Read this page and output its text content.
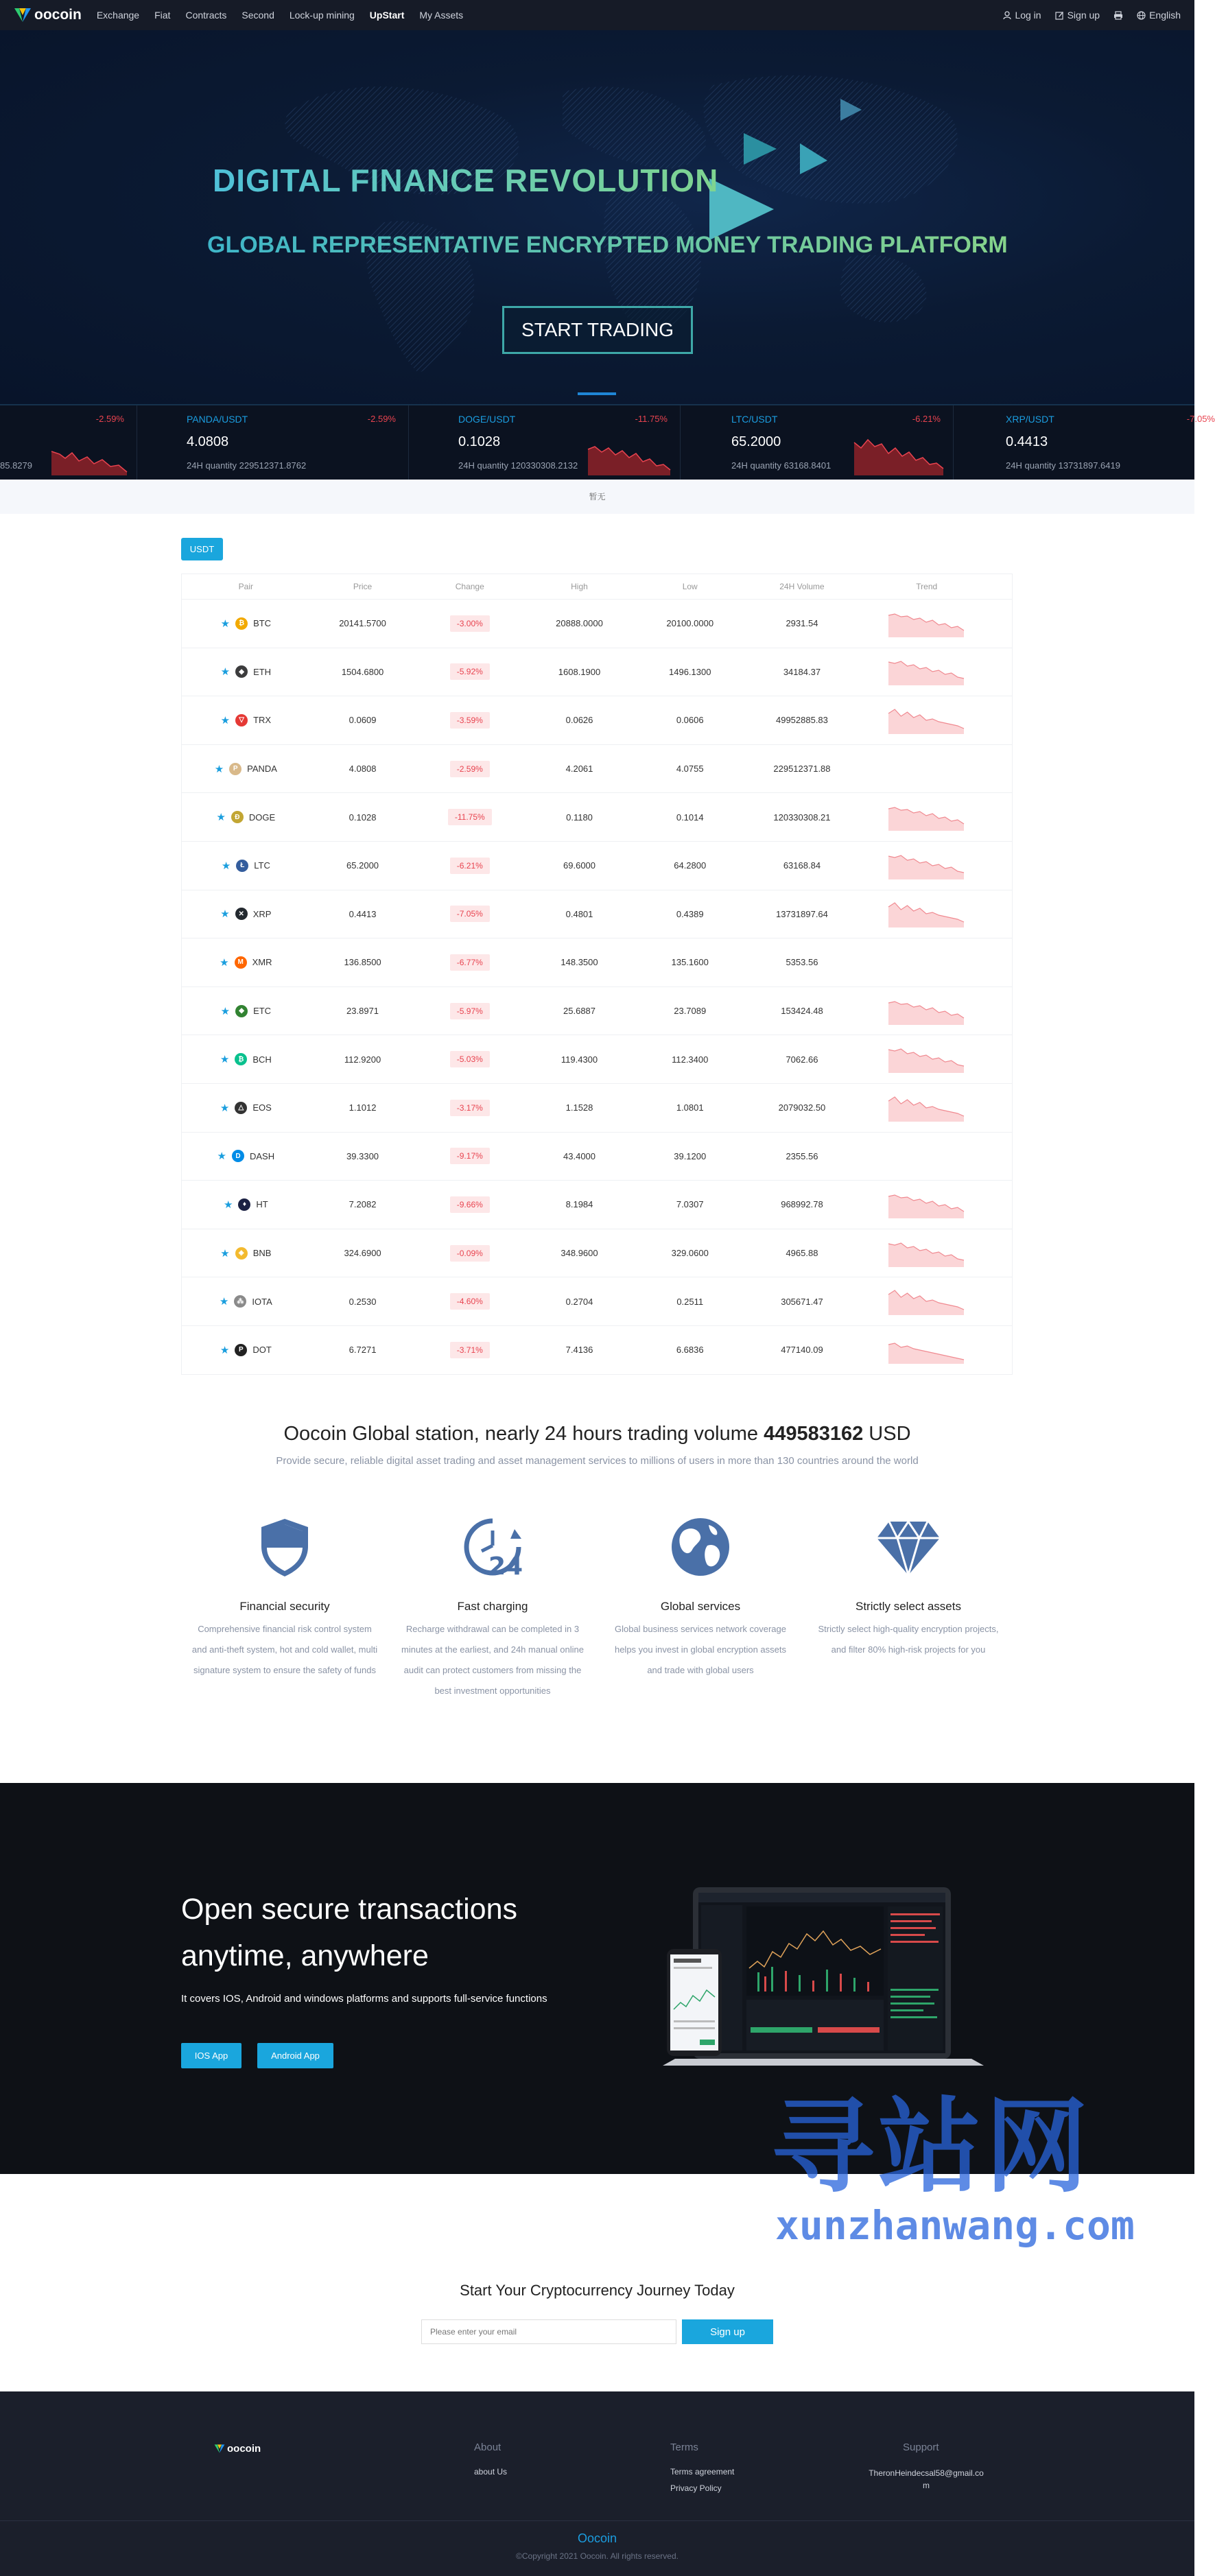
oocoin Exchange Fiat Contracts Second Lock-up mining UpStart My Assets	Log in	Sign up	English
DIGITAL FINANCE REVOLUTION
GLOBAL REPRESENTATIVE ENCRYPTED MONEY TRADING PLATFORM
START TRADING
-2.59%
85.8279
PANDA/USDT	-2.59%
4.0808
24H quantity 229512371.8762
DOGE/USDT	-11.75%
0.1028
24H quantity 120330308.2132
LTC/USDT	-6.21%
65.2000
24H quantity 63168.8401
XRP/USDT
0.4413
24H quantity 13731897.6419
-7.05%
暂无
USDT
Pair	Price	Change	High	Low	24H Volume	Trend
★	₿ BTC	20141.5700	-3.00%	20888.0000	20100.0000	2931.54
★	◆	ETH	1504.6800	-5.92%	1608.1900	1496.1300	34184.37
★	▽	TRX	0.0609	-3.59%	0.0626	0.0606	49952885.83
★	P	PANDA	4.0808	-2.59%	4.2061	4.0755	229512371.88
★	Ð	DOGE	0.1028	-11.75%	0.1180	0.1014	120330308.21
★	Ł	LTC	65.2000	-6.21%	69.6000	64.2800	63168.84
★	✕ XRP	0.4413	-7.05%	0.4801	0.4389	13731897.64
★	M XMR	136.8500	-6.77%	148.3500	135.1600	5353.56
★	◆	ETC	23.8971	-5.97%	25.6887	23.7089	153424.48
★	₿ BCH	112.9200	-5.03%	119.4300	112.3400	7062.66
★	△	EOS	1.1012	-3.17%	1.1528	1.0801	2079032.50
★	D	DASH	39.3300	-9.17%	43.4000	39.1200	2355.56
★	♦	HT	7.2082	-9.66%	8.1984	7.0307	968992.78
★	◈	BNB	324.6900	-0.09%	348.9600	329.0600	4965.88
★	⁂ IOTA	0.2530	-4.60%	0.2704	0.2511	305671.47
★	P	DOT	6.7271	-3.71%	7.4136	6.6836	477140.09
Oocoin Global station, nearly 24 hours trading volume 449583162 USD
Provide secure, reliable digital asset trading and asset management services to millions of users in more than 130 countries around the world
Financial security

Comprehensive financial risk control system and anti-theft system, hot and cold wallet, multi signature system to ensure the safety of funds

24
Fast charging

Recharge withdrawal can be completed in 3 minutes at the earliest, and 24h manual online audit can protect customers from missing the best investment opportunities

Global services

Global business services network coverage helps you invest in global encryption assets and trade with global users

Strictly select assets

Strictly select high-quality encryption projects, and filter 80% high-risk projects for you

Open secure transactions anytime, anywhere
It covers IOS, Android and windows platforms and supports full-service functions
IOS App	Android App
Start Your Cryptocurrency Journey Today
Please enter your email
Sign up
寻站网
xunzhanwang.com
oocoin	About
about Us
Terms
Terms agreement
Privacy Policy
Support
TheronHeindecsal58@gmail.com
Oocoin
©Copyright 2021 Oocoin. All rights reserved.
